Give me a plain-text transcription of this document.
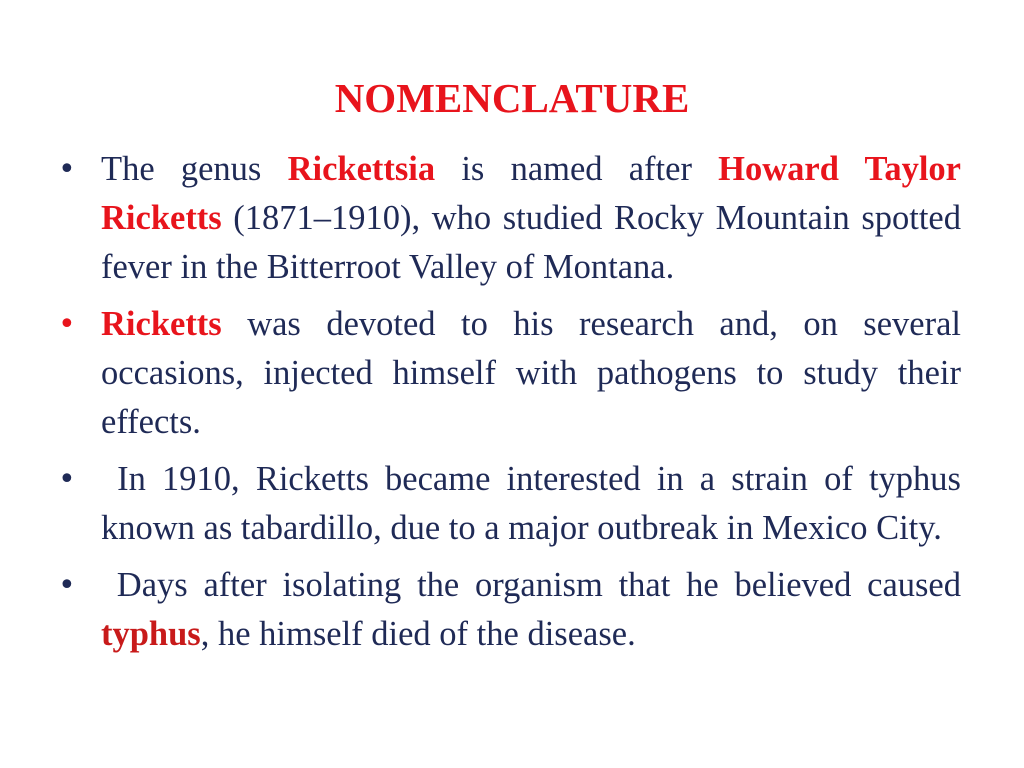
NOMENCLATURE
• The genus Rickettsia is named after Howard Taylor Ricketts (1871–1910), who studied Rocky Mountain spotted fever in the Bitterroot Valley of Montana.
• Ricketts was devoted to his research and, on several occasions, injected himself with pathogens to study their effects.
• In 1910, Ricketts became interested in a strain of typhus known as tabardillo, due to a major outbreak in Mexico City.
• Days after isolating the organism that he believed caused typhus, he himself died of the disease.
